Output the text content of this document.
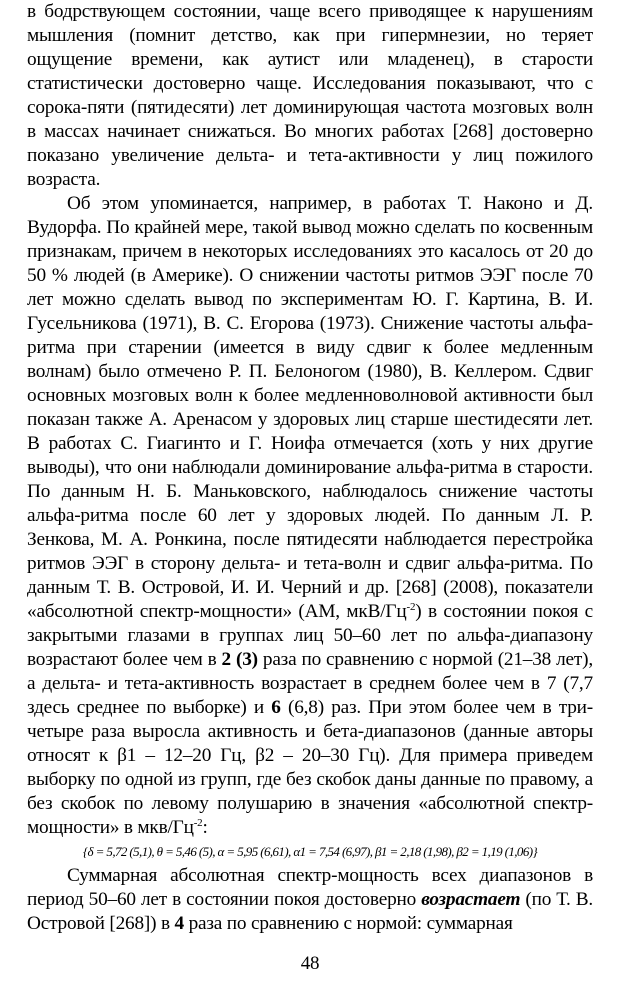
в бодрствующем состоянии, чаще всего приводящее к нарушениям мышления (помнит детство, как при гипермнезии, но теряет ощущение времени, как аутист или младенец), в старости статистически достоверно чаще. Исследования показывают, что с сорока-пяти (пятидесяти) лет доминирующая частота мозговых волн в массах начинает снижаться. Во многих работах [268] достоверно показано увеличение дельта- и тета-активности у лиц пожилого возраста.

Об этом упоминается, например, в работах Т. Наконо и Д. Вудорфа. По крайней мере, такой вывод можно сделать по косвенным признакам, причем в некоторых исследованиях это касалось от 20 до 50 % людей (в Америке). О снижении частоты ритмов ЭЭГ после 70 лет можно сделать вывод по экспериментам Ю. Г. Картина, В. И. Гусельникова (1971), В. С. Егорова (1973). Снижение частоты альфа-ритма при старении (имеется в виду сдвиг к более медленным волнам) было отмечено Р. П. Белоногом (1980), В. Келлером. Сдвиг основных мозговых волн к более медленноволновой активности был показан также А. Аренасом у здоровых лиц старше шестидесяти лет. В работах С. Гиагинто и Г. Ноифа отмечается (хоть у них другие выводы), что они наблюдали доминирование альфа-ритма в старости. По данным Н. Б. Маньковского, наблюдалось снижение частоты альфа-ритма после 60 лет у здоровых людей. По данным Л. Р. Зенкова, М. А. Ронкина, после пятидесяти наблюдается перестройка ритмов ЭЭГ в сторону дельта- и тета-волн и сдвиг альфа-ритма. По данным Т. В. Островой, И. И. Черний и др. [268] (2008), показатели «абсолютной спектр-мощности» (АМ, мкВ/$Гц^{-2}$) в состоянии покоя с закрытыми глазами в группах лиц 50–60 лет по альфа-диапазону возрастают более чем в 2 (3) раза по сравнению с нормой (21–38 лет), а дельта- и тета-активность возрастает в среднем более чем в 7 (7,7 здесь среднее по выборке) и 6 (6,8) раз. При этом более чем в три-четыре раза выросла активность и бета-диапазонов (данные авторы относят к β1 – 12–20 Гц, β2 – 20–30 Гц). Для примера приведем выборку по одной из групп, где без скобок даны данные по правому, а без скобок по левому полушарию в значения «абсолютной спектр-мощности» в мкв/$Гц^{-2}$:

{δ = 5,72 (5,1), θ = 5,46 (5), α = 5,95 (6,61), α1 = 7,54 (6,97), β1 = 2,18 (1,98), β2 = 1,19 (1,06)}

Суммарная абсолютная спектр-мощность всех диапазонов в период 50–60 лет в состоянии покоя достоверно возрастает (по Т. В. Островой [268]) в 4 раза по сравнению с нормой: суммарная

48
